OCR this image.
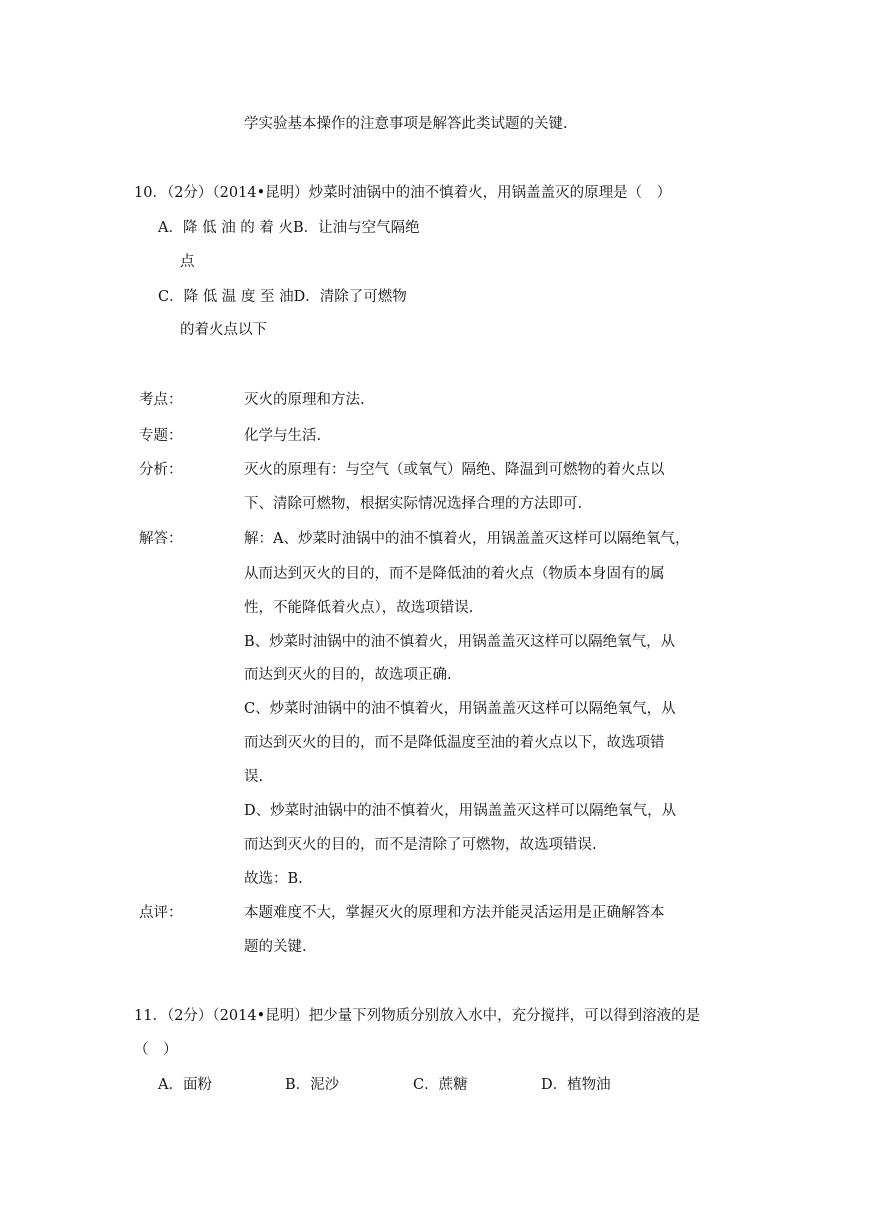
学实验基本操作的注意事项是解答此类试题的关键.
10．（2分）（2014•昆明）炒菜时油锅中的油不慎着火，用锅盖盖灭的原理是（　）
A．降 低 油 的 着 火B．让油与空气隔绝
点
C．降 低 温 度 至 油D．清除了可燃物
的着火点以下
考点：	灭火的原理和方法.
专题：	化学与生活.
分析：	灭火的原理有：与空气（或氧气）隔绝、降温到可燃物的着火点以
下、清除可燃物，根据实际情况选择合理的方法即可.
解答：	解：A、炒菜时油锅中的油不慎着火，用锅盖盖灭这样可以隔绝氧气，
从而达到灭火的目的，而不是降低油的着火点（物质本身固有的属
性，不能降低着火点），故选项错误.
B、炒菜时油锅中的油不慎着火，用锅盖盖灭这样可以隔绝氧气，从
而达到灭火的目的，故选项正确.
C、炒菜时油锅中的油不慎着火，用锅盖盖灭这样可以隔绝氧气，从
而达到灭火的目的，而不是降低温度至油的着火点以下，故选项错
误.
D、炒菜时油锅中的油不慎着火，用锅盖盖灭这样可以隔绝氧气，从
而达到灭火的目的，而不是清除了可燃物，故选项错误.
故选：B.
点评：	本题难度不大，掌握灭火的原理和方法并能灵活运用是正确解答本
题的关键.
11．（2分）（2014•昆明）把少量下列物质分别放入水中，充分搅拌，可以得到溶液的是
（　）
A．面粉	B．泥沙	C．蔗糖	D．植物油
